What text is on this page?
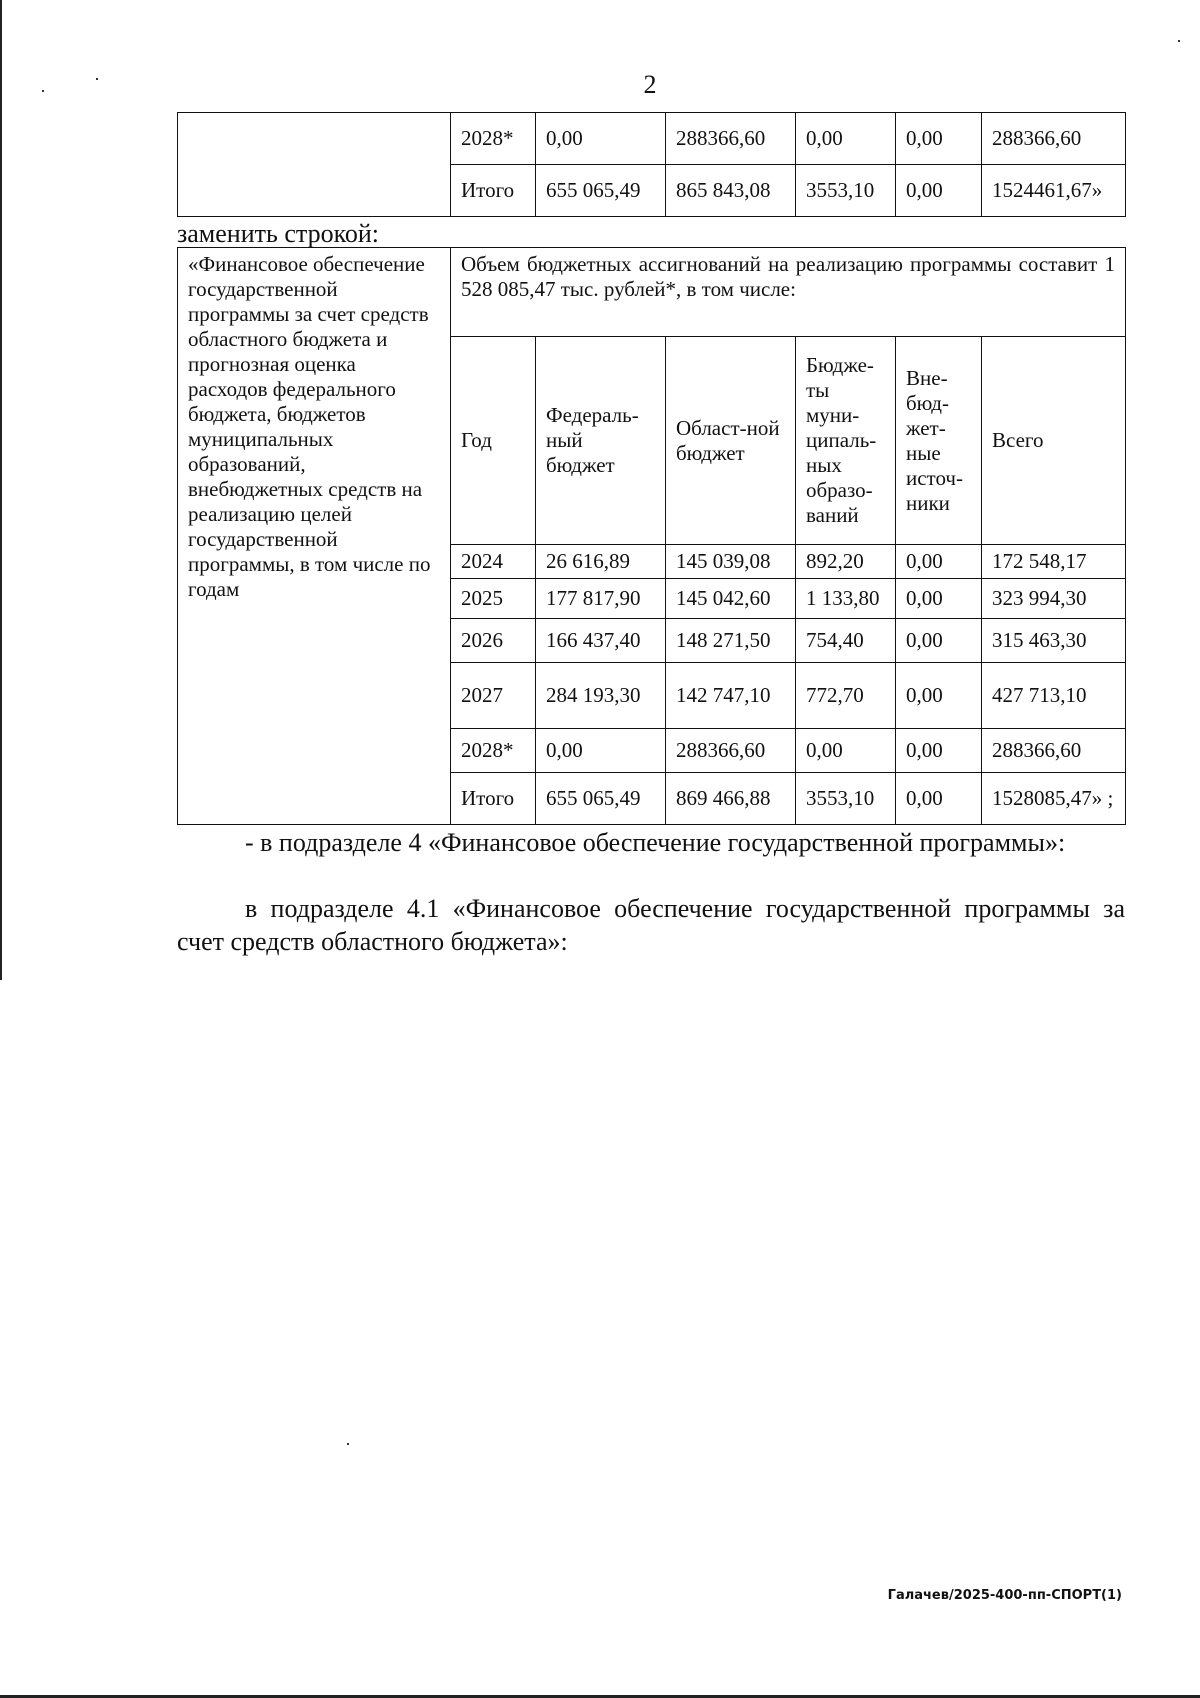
2
	2028*	0,00	288366,60	0,00	0,00	288366,60
	Итого	655 065,49	865 843,08	3553,10	0,00	1524461,67»
заменить строкой:
«Финансовое обеспечение государственной программы за счет средств областного бюджета и прогнозная оценка расходов федерального бюджета, бюджетов муниципальных образований, внебюджетных средств на реализацию целей государственной программы, в том числе по годам	Объем бюджетных ассигнований на реализацию программы составит 1 528 085,47 тыс. рублей*, в том числе:					
	Год	Федераль-ный бюджет	Област-ной бюджет	Бюдже-ты муни-ципаль-ных образо-ваний	Вне-бюд-жет-ные источ-ники	Всего
	2024	26 616,89	145 039,08	892,20	0,00	172 548,17
	2025	177 817,90	145 042,60	1 133,80	0,00	323 994,30
	2026	166 437,40	148 271,50	754,40	0,00	315 463,30
	2027	284 193,30	142 747,10	772,70	0,00	427 713,10
	2028*	0,00	288366,60	0,00	0,00	288366,60
	Итого	655 065,49	869 466,88	3553,10	0,00	1528085,47» ;
- в подразделе 4 «Финансовое обеспечение государственной программы»:
в подразделе 4.1 «Финансовое обеспечение государственной программы за счет средств областного бюджета»:
Галачев/2025-400-пп-СПОРТ(1)
